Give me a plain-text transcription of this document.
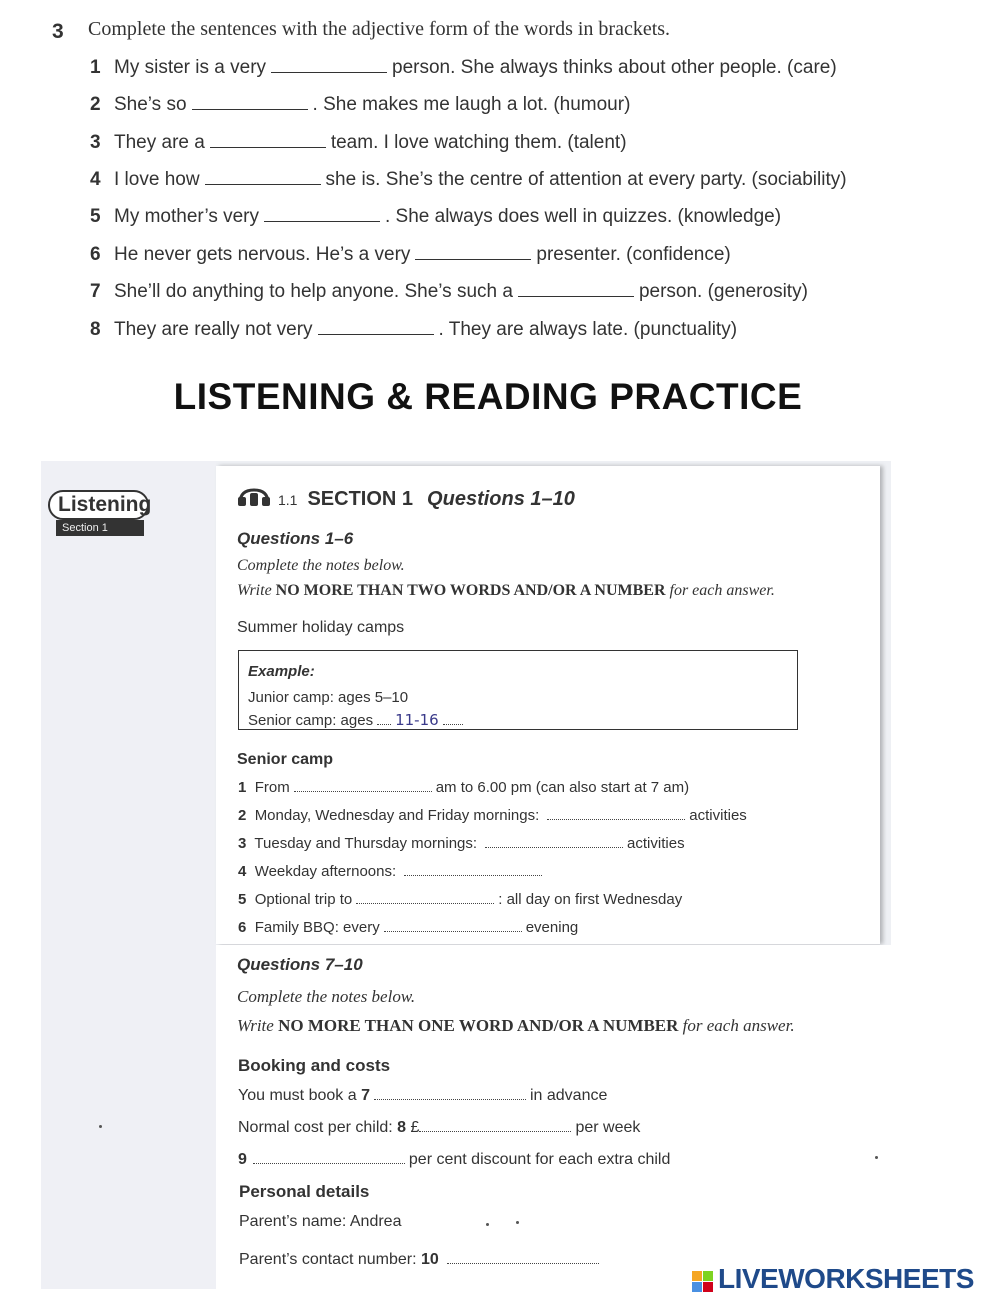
3 Complete the sentences with the adjective form of the words in brackets.
1 My sister is a very	person. She always thinks about other people. (care)
2 She’s so	. She makes me laugh a lot. (humour)
3 They are a	team. I love watching them. (talent)
4 I love how	she is. She’s the centre of attention at every party. (sociability)
5 My mother’s very	. She always does well in quizzes. (knowledge)
6 He never gets nervous. He’s a very	presenter. (confidence)
7 She’ll do anything to help anyone. She’s such a	person. (generosity)
8 They are really not very	. They are always late. (punctuality)
LISTENING & READING PRACTICE
Listening
Section 1
1.1 SECTION 1 Questions 1–10
Questions 1–6
Complete the notes below.
Write NO MORE THAN TWO WORDS AND/OR A NUMBER for each answer.
Summer holiday camps
Example:
Junior camp: ages 5–10
Senior camp: ages 11-16
Senior camp
1 From	am to 6.00 pm (can also start at 7 am)
2 Monday, Wednesday and Friday mornings:	activities
3 Tuesday and Thursday mornings:	activities
4 Weekday afternoons:
5 Optional trip to	: all day on first Wednesday
6 Family BBQ: every	evening
Questions 7–10
Complete the notes below.
Write NO MORE THAN ONE WORD AND/OR A NUMBER for each answer.
Booking and costs
You must book a 7	in advance
Normal cost per child: 8 £	per week
9	per cent discount for each extra child
Personal details
Parent’s name: Andrea
Parent’s contact number: 10
LIVEWORKSHEETS
